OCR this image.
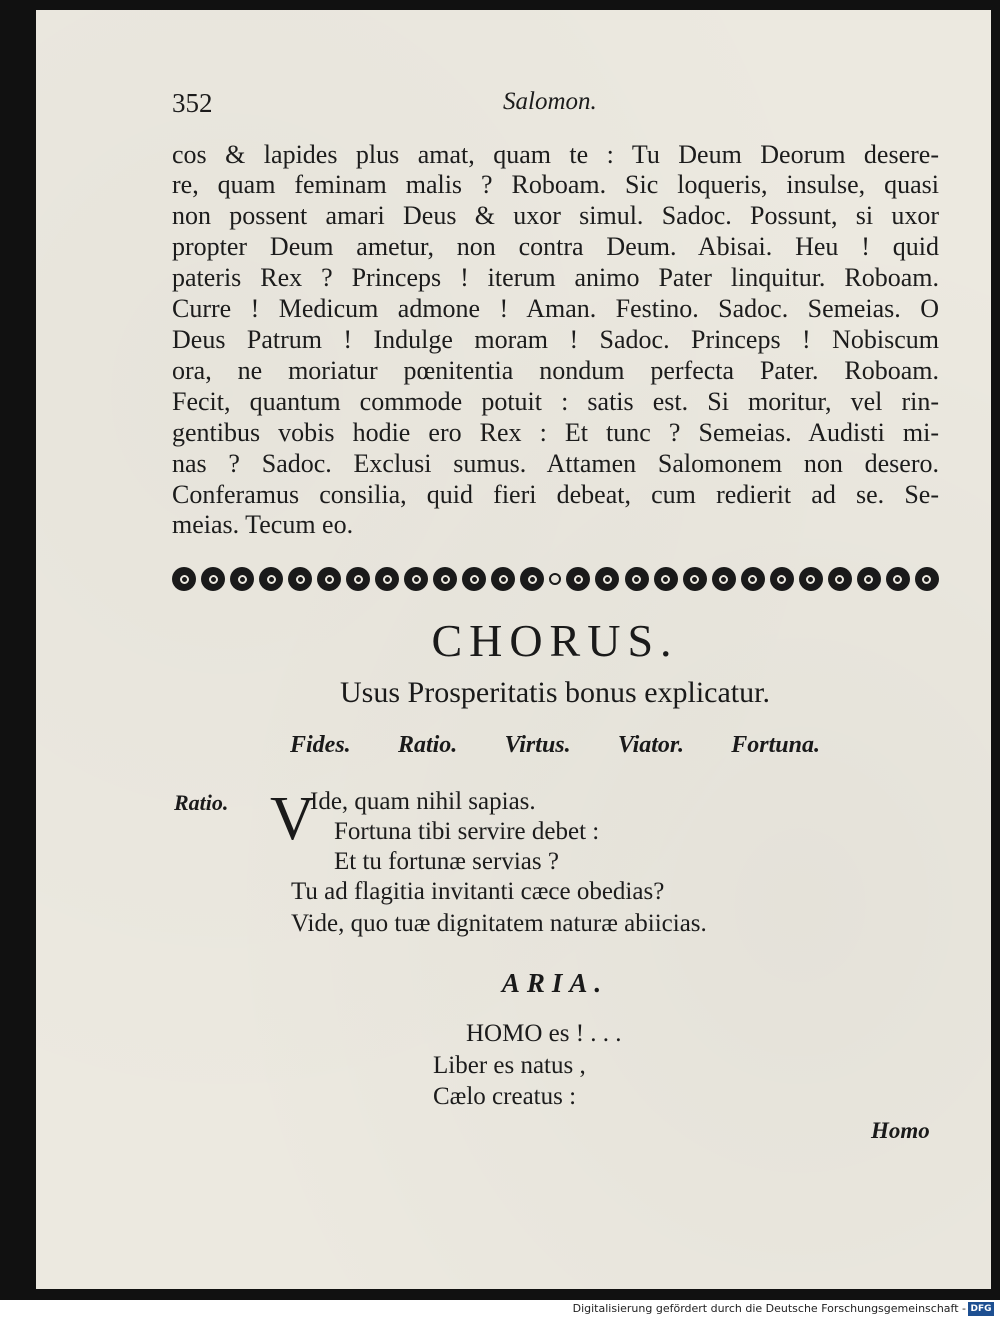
352	Salomon.
cos & lapides plus amat, quam te : Tu Deum Deorum desere-
re, quam feminam malis ? Roboam. Sic loqueris, insulse, quasi
non possent amari Deus & uxor simul. Sadoc. Possunt, si uxor
propter Deum ametur, non contra Deum. Abisai. Heu ! quid
pateris Rex ? Princeps ! iterum animo Pater linquitur. Roboam.
Curre ! Medicum admone ! Aman. Festino. Sadoc. Semeias. O
Deus Patrum ! Indulge moram ! Sadoc. Princeps ! Nobiscum
ora, ne moriatur pœnitentia nondum perfecta Pater. Roboam.
Fecit, quantum commode potuit : satis est. Si moritur, vel rin-
gentibus vobis hodie ero Rex : Et tunc ? Semeias. Audisti mi-
nas ? Sadoc. Exclusi sumus. Attamen Salomonem non desero.
Conferamus consilia, quid fieri debeat, cum redierit ad se. Se-
meias. Tecum eo.
CHORUS.
Usus Prosperitatis bonus explicatur.
Fides. Ratio. Virtus. Viator. Fortuna.
Ratio. V
Ide, quam nihil sapias.
Fortuna tibi servire debet :
Et tu fortunæ servias ?
Tu ad flagitia invitanti cæce obedias?
Vide, quo tuæ dignitatem naturæ abiicias.
ARIA.
HOMO es ! . . .
Liber es natus ,
Cælo creatus :
Homo
Digitalisierung gefördert durch die Deutsche Forschungsgemeinschaft - DFG
